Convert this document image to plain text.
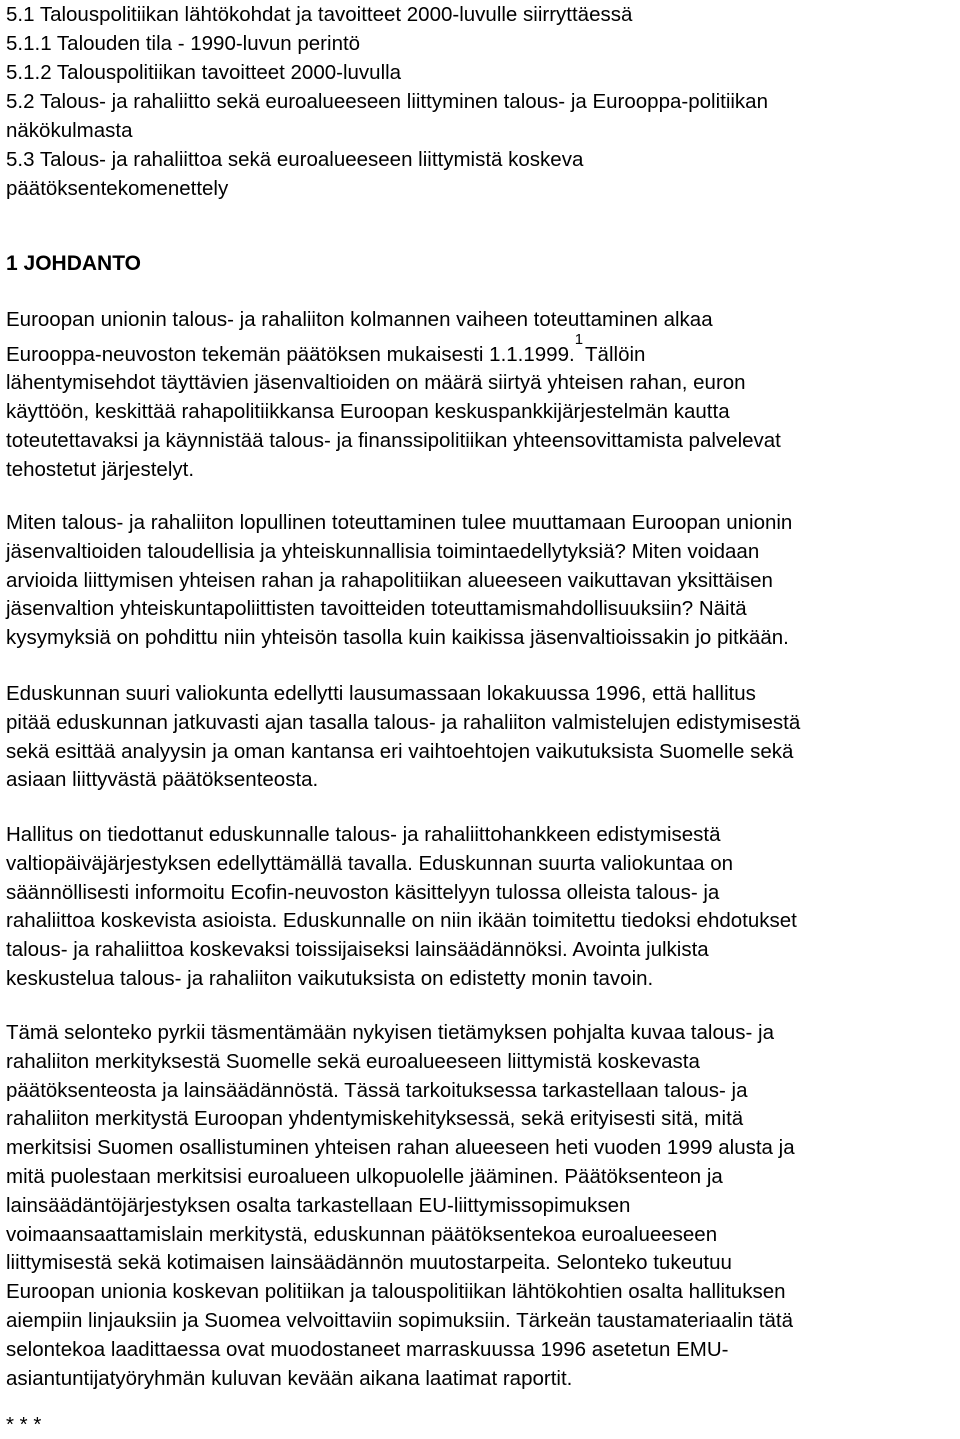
5.1 Talouspolitiikan lähtökohdat ja tavoitteet 2000-luvulle siirryttäessä
5.1.1 Talouden tila - 1990-luvun perintö
5.1.2 Talouspolitiikan tavoitteet 2000-luvulla
5.2 Talous- ja rahaliitto sekä euroalueeseen liittyminen talous- ja Eurooppa-politiikan
näkökulmasta
5.3 Talous- ja rahaliittoa sekä euroalueeseen liittymistä koskeva
päätöksentekomenettely
1 JOHDANTO
Euroopan unionin talous- ja rahaliiton kolmannen vaiheen toteuttaminen alkaa
Eurooppa-neuvoston tekemän päätöksen mukaisesti 1.1.1999.$^1$Tällöin
lähentymisehdot täyttävien jäsenvaltioiden on määrä siirtyä yhteisen rahan, euron
käyttöön, keskittää rahapolitiikkansa Euroopan keskuspankkijärjestelmän kautta
toteutettavaksi ja käynnistää talous- ja finanssipolitiikan yhteensovittamista palvelevat
tehostetut järjestelyt.
Miten talous- ja rahaliiton lopullinen toteuttaminen tulee muuttamaan Euroopan unionin
jäsenvaltioiden taloudellisia ja yhteiskunnallisia toimintaedellytyksiä? Miten voidaan
arvioida liittymisen yhteisen rahan ja rahapolitiikan alueeseen vaikuttavan yksittäisen
jäsenvaltion yhteiskuntapoliittisten tavoitteiden toteuttamismahdollisuuksiin? Näitä
kysymyksiä on pohdittu niin yhteisön tasolla kuin kaikissa jäsenvaltioissakin jo pitkään.
Eduskunnan suuri valiokunta edellytti lausumassaan lokakuussa 1996, että hallitus
pitää eduskunnan jatkuvasti ajan tasalla talous- ja rahaliiton valmistelujen edistymisestä
sekä esittää analyysin ja oman kantansa eri vaihtoehtojen vaikutuksista Suomelle sekä
asiaan liittyvästä päätöksenteosta.
Hallitus on tiedottanut eduskunnalle talous- ja rahaliittohankkeen edistymisestä
valtiopäiväjärjestyksen edellyttämällä tavalla. Eduskunnan suurta valiokuntaa on
säännöllisesti informoitu Ecofin-neuvoston käsittelyyn tulossa olleista talous- ja
rahaliittoa koskevista asioista. Eduskunnalle on niin ikään toimitettu tiedoksi ehdotukset
talous- ja rahaliittoa koskevaksi toissijaiseksi lainsäädännöksi. Avointa julkista
keskustelua talous- ja rahaliiton vaikutuksista on edistetty monin tavoin.
Tämä selonteko pyrkii täsmentämään nykyisen tietämyksen pohjalta kuvaa talous- ja
rahaliiton merkityksestä Suomelle sekä euroalueeseen liittymistä koskevasta
päätöksenteosta ja lainsäädännöstä. Tässä tarkoituksessa tarkastellaan talous- ja
rahaliiton merkitystä Euroopan yhdentymiskehityksessä, sekä erityisesti sitä, mitä
merkitsisi Suomen osallistuminen yhteisen rahan alueeseen heti vuoden 1999 alusta ja
mitä puolestaan merkitsisi euroalueen ulkopuolelle jääminen. Päätöksenteon ja
lainsäädäntöjärjestyksen osalta tarkastellaan EU-liittymissopimuksen
voimaansaattamislain merkitystä, eduskunnan päätöksentekoa euroalueeseen
liittymisestä sekä kotimaisen lainsäädännön muutostarpeita. Selonteko tukeutuu
Euroopan unionia koskevan politiikan ja talouspolitiikan lähtökohtien osalta hallituksen
aiempiin linjauksiin ja Suomea velvoittaviin sopimuksiin. Tärkeän taustamateriaalin tätä
selontekoa laadittaessa ovat muodostaneet marraskuussa 1996 asetetun EMU-
asiantuntijatyöryhmän kuluvan kevään aikana laatimat raportit.
* * *
